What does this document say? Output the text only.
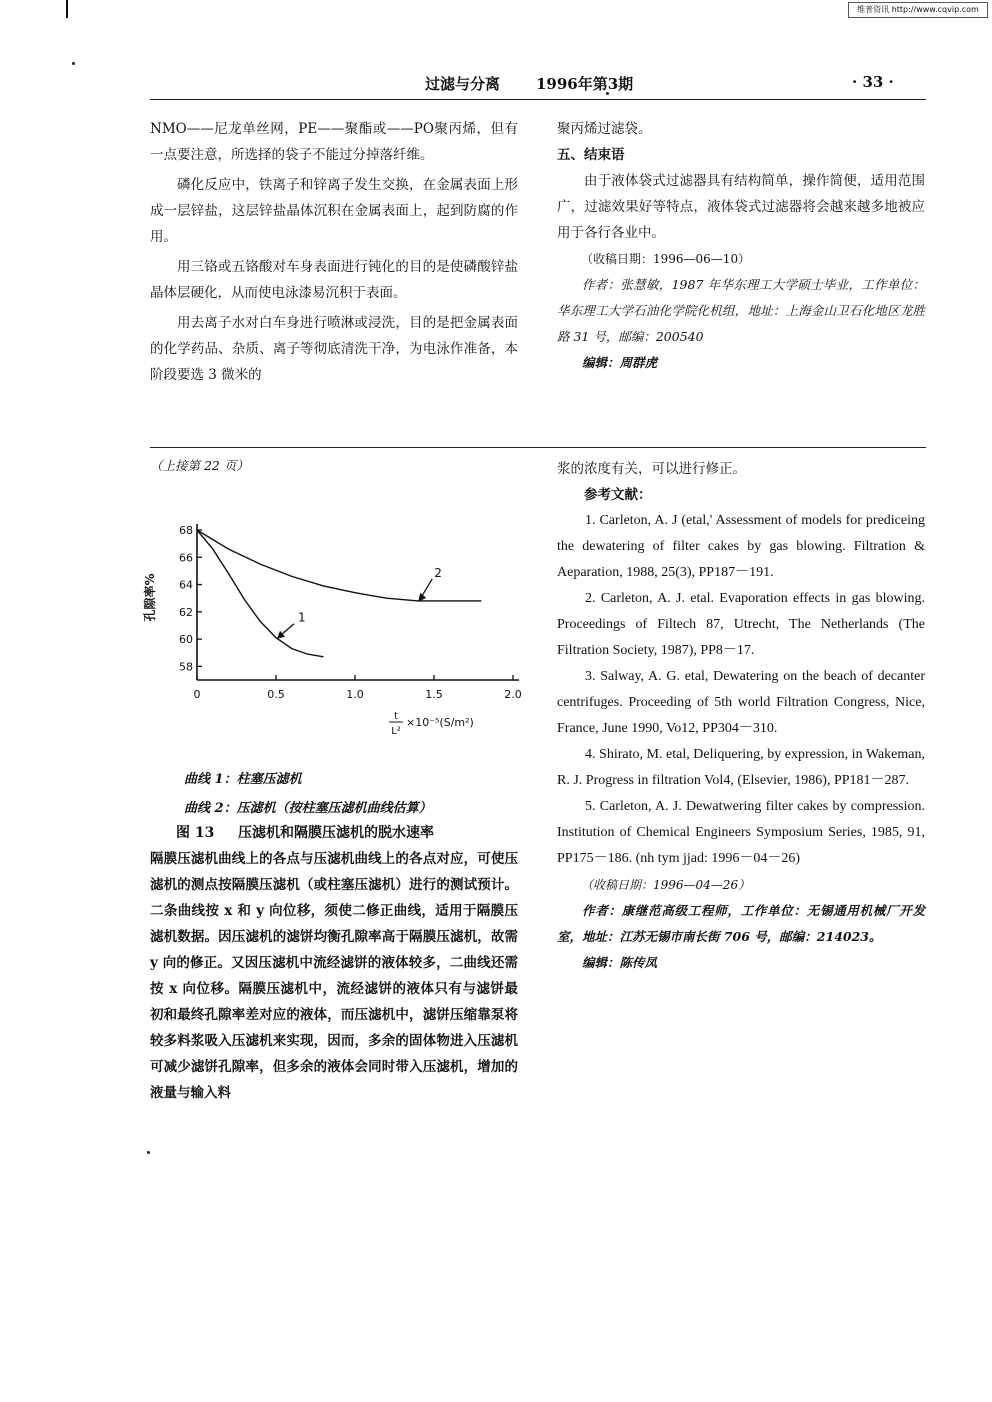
维普资讯 http://www.cqvip.com
过滤与分离 1996年第3期	· 33 ·

NMO——尼龙单丝网，PE——聚酯或——PO聚丙烯，但有一点要注意，所选择的袋子不能过分掉落纤维。

磷化反应中，铁离子和锌离子发生交换，在金属表面上形成一层锌盐，这层锌盐晶体沉积在金属表面上，起到防腐的作用。

用三铬或五铬酸对车身表面进行钝化的目的是使磷酸锌盐晶体层硬化，从而使电泳漆易沉积于表面。

用去离子水对白车身进行喷淋或浸洗，目的是把金属表面的化学药品、杂质、离子等彻底清洗干净，为电泳作准备，本阶段要选 3 微米的

聚丙烯过滤袋。

五、结束语

由于液体袋式过滤器具有结构简单，操作简便，适用范围广，过滤效果好等特点，液体袋式过滤器将会越来越多地被应用于各行各业中。

（收稿日期：1996—06—10）

作者：张慧敏，1987 年华东理工大学硕士毕业，工作单位：华东理工大学石油化学院化机组，地址：上海金山卫石化地区龙胜路 31 号，邮编：200540

编辑：周群虎

（上接第 22 页）
0	0.5	1.0	1.5	2.0
68
66
64
62
60
58
孔隙率%
t
L²
×10⁻⁵(S/m²)
1
2
曲线 1：柱塞压滤机
曲线 2：压滤机（按柱塞压滤机曲线估算）
图 13 压滤机和隔膜压滤机的脱水速率

隔膜压滤机曲线上的各点与压滤机曲线上的各点对应，可使压滤机的测点按隔膜压滤机（或柱塞压滤机）进行的测试预计。二条曲线按 x 和 y 向位移，须使二修正曲线，适用于隔膜压滤机数据。因压滤机的滤饼均衡孔隙率高于隔膜压滤机，故需 y 向的修正。又因压滤机中流经滤饼的液体较多，二曲线还需按 x 向位移。隔膜压滤机中，流经滤饼的液体只有与滤饼最初和最终孔隙率差对应的液体，而压滤机中，滤饼压缩靠泵将较多料浆吸入压滤机来实现，因而，多余的固体物进入压滤机可减少滤饼孔隙率，但多余的液体会同时带入压滤机，增加的液量与输入料

浆的浓度有关，可以进行修正。

参考文献：

1. Carleton, A. J (etal,' Assessment of models for prediceing the dewatering of filter cakes by gas blowing. Filtration & Aeparation, 1988, 25(3), PP187－191.

2. Carleton, A. J. etal. Evaporation effects in gas blowing. Proceedings of Filtech 87, Utrecht, The Netherlands (The Filtration Society, 1987), PP8－17.

3. Salway, A. G. etal, Dewatering on the beach of decanter centrifuges. Proceeding of 5th world Filtration Congress, Nice, France, June 1990, Vo12, PP304－310.

4. Shirato, M. etal, Deliquering, by expression, in Wakeman, R. J. Progress in filtration Vol4, (Elsevier, 1986), PP181－287.

5. Carleton, A. J. Dewatwering filter cakes by compression. Institution of Chemical Engineers Symposium Series, 1985, 91, PP175－186. (nh tym jjad: 1996－04－26)

（收稿日期：1996—04—26）

作者：康继范高级工程师，工作单位：无锡通用机械厂开发室，地址：江苏无锡市南长街 706 号，邮编：214023。

编辑：陈传凤
